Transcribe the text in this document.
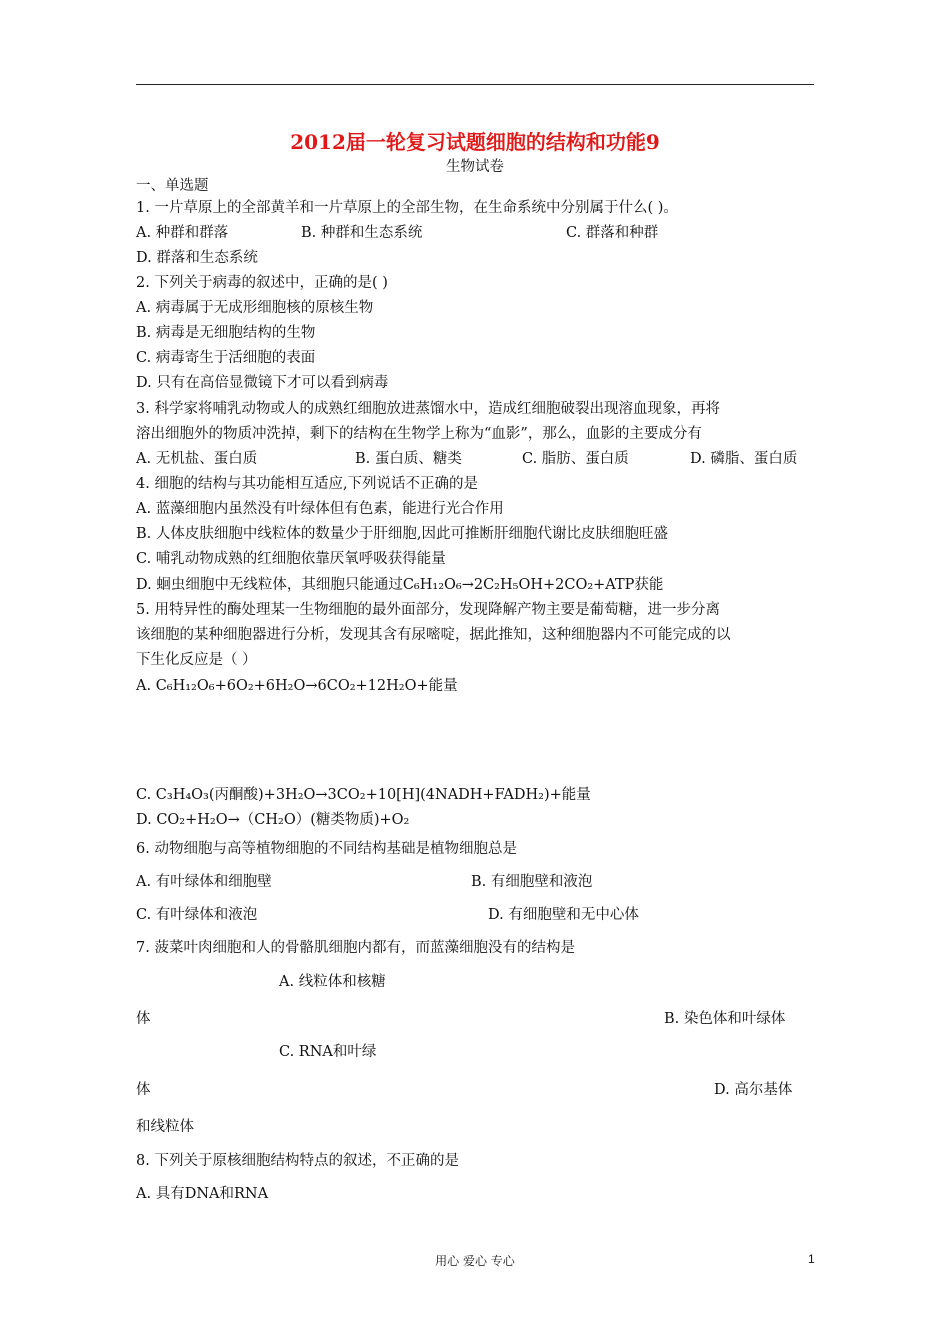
2012届一轮复习试题细胞的结构和功能9
生物试卷
一、单选题
1. 一片草原上的全部黄羊和一片草原上的全部生物，在生命系统中分别属于什么( )。
A. 种群和群落	B. 种群和生态系统	C. 群落和种群
D. 群落和生态系统
2. 下列关于病毒的叙述中，正确的是( )
A. 病毒属于无成形细胞核的原核生物
B. 病毒是无细胞结构的生物
C. 病毒寄生于活细胞的表面
D. 只有在高倍显微镜下才可以看到病毒
3. 科学家将哺乳动物或人的成熟红细胞放进蒸馏水中，造成红细胞破裂出现溶血现象，再将
溶出细胞外的物质冲洗掉，剩下的结构在生物学上称为“血影”，那么，血影的主要成分有
A. 无机盐、蛋白质	B. 蛋白质、糖类	C. 脂肪、蛋白质	D. 磷脂、蛋白质
4. 细胞的结构与其功能相互适应,下列说话不正确的是
A. 蓝藻细胞内虽然没有叶绿体但有色素，能进行光合作用
B. 人体皮肤细胞中线粒体的数量少于肝细胞,因此可推断肝细胞代谢比皮肤细胞旺盛
C. 哺乳动物成熟的红细胞依靠厌氧呼吸获得能量
D. 蛔虫细胞中无线粒体，其细胞只能通过C₆H₁₂O₆→2C₂H₅OH+2CO₂+ATP获能
5. 用特异性的酶处理某一生物细胞的最外面部分，发现降解产物主要是葡萄糖，进一步分离
该细胞的某种细胞器进行分析，发现其含有尿嘧啶，据此推知，这种细胞器内不可能完成的以
下生化反应是（ ）
A. C₆H₁₂O₆+6O₂+6H₂O→6CO₂+12H₂O+能量
C. C₃H₄O₃(丙酮酸)+3H₂O→3CO₂+10[H](4NADH+FADH₂)+能量
D. CO₂+H₂O→（CH₂O）(糖类物质)+O₂
6. 动物细胞与高等植物细胞的不同结构基础是植物细胞总是
A. 有叶绿体和细胞壁	B. 有细胞壁和液泡
C. 有叶绿体和液泡	D. 有细胞壁和无中心体
7. 菠菜叶肉细胞和人的骨骼肌细胞内都有，而蓝藻细胞没有的结构是
A. 线粒体和核糖
体	B. 染色体和叶绿体
C. RNA和叶绿
体	D. 高尔基体
和线粒体
8. 下列关于原核细胞结构特点的叙述，不正确的是
A. 具有DNA和RNA
用心 爱心 专心	1
